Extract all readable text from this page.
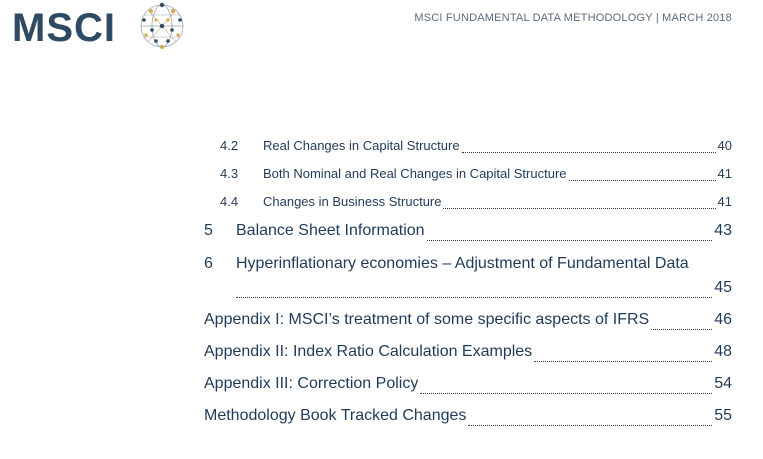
MSCI	MSCI FUNDAMENTAL DATA METHODOLOGY | MARCH 2018
4.2	Real Changes in Capital Structure	40
4.3	Both Nominal and Real Changes in Capital Structure	41
4.4	Changes in Business Structure	41
5	Balance Sheet Information	43
6 Hyperinflationary economies – Adjustment of Fundamental Data
45
Appendix I: MSCI’s treatment of some specific aspects of IFRS	46
Appendix II: Index Ratio Calculation Examples	48
Appendix III: Correction Policy	54
Methodology Book Tracked Changes	55
